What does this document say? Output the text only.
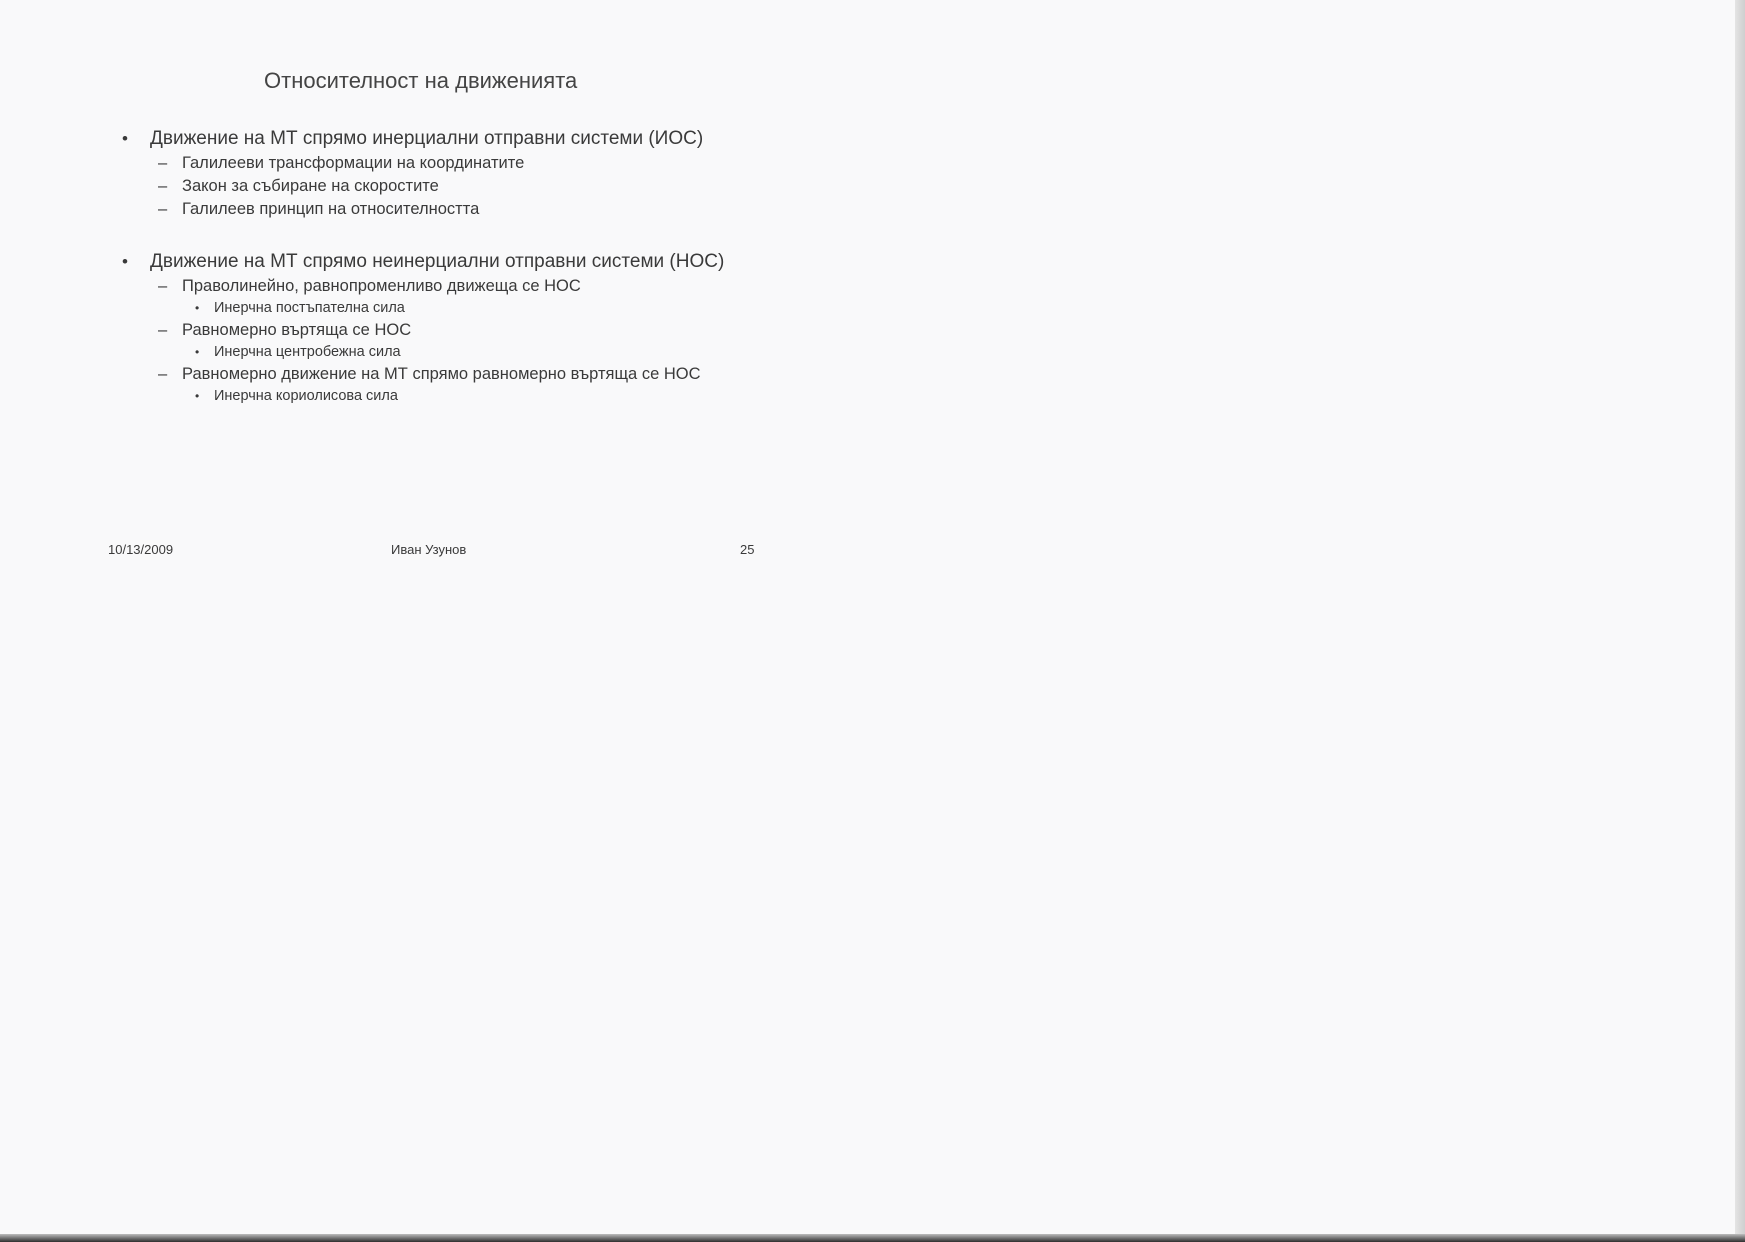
Относителност на движенията
• Движение на МТ спрямо инерциални отправни системи (ИОС)
– Галилееви трансформации на координатите
– Закон за събиране на скоростите
– Галилеев принцип на относителността
• Движение на МТ спрямо неинерциални отправни системи (НОС)
– Праволинейно, равнопроменливо движеща се НОС
• Инерчна постъпателна сила
– Равномерно въртяща се НОС
• Инерчна центробежна сила
– Равномерно движение на МТ спрямо равномерно въртяща се НОС
• Инерчна кориолисова сила
10/13/2009	Иван Узунов	25
